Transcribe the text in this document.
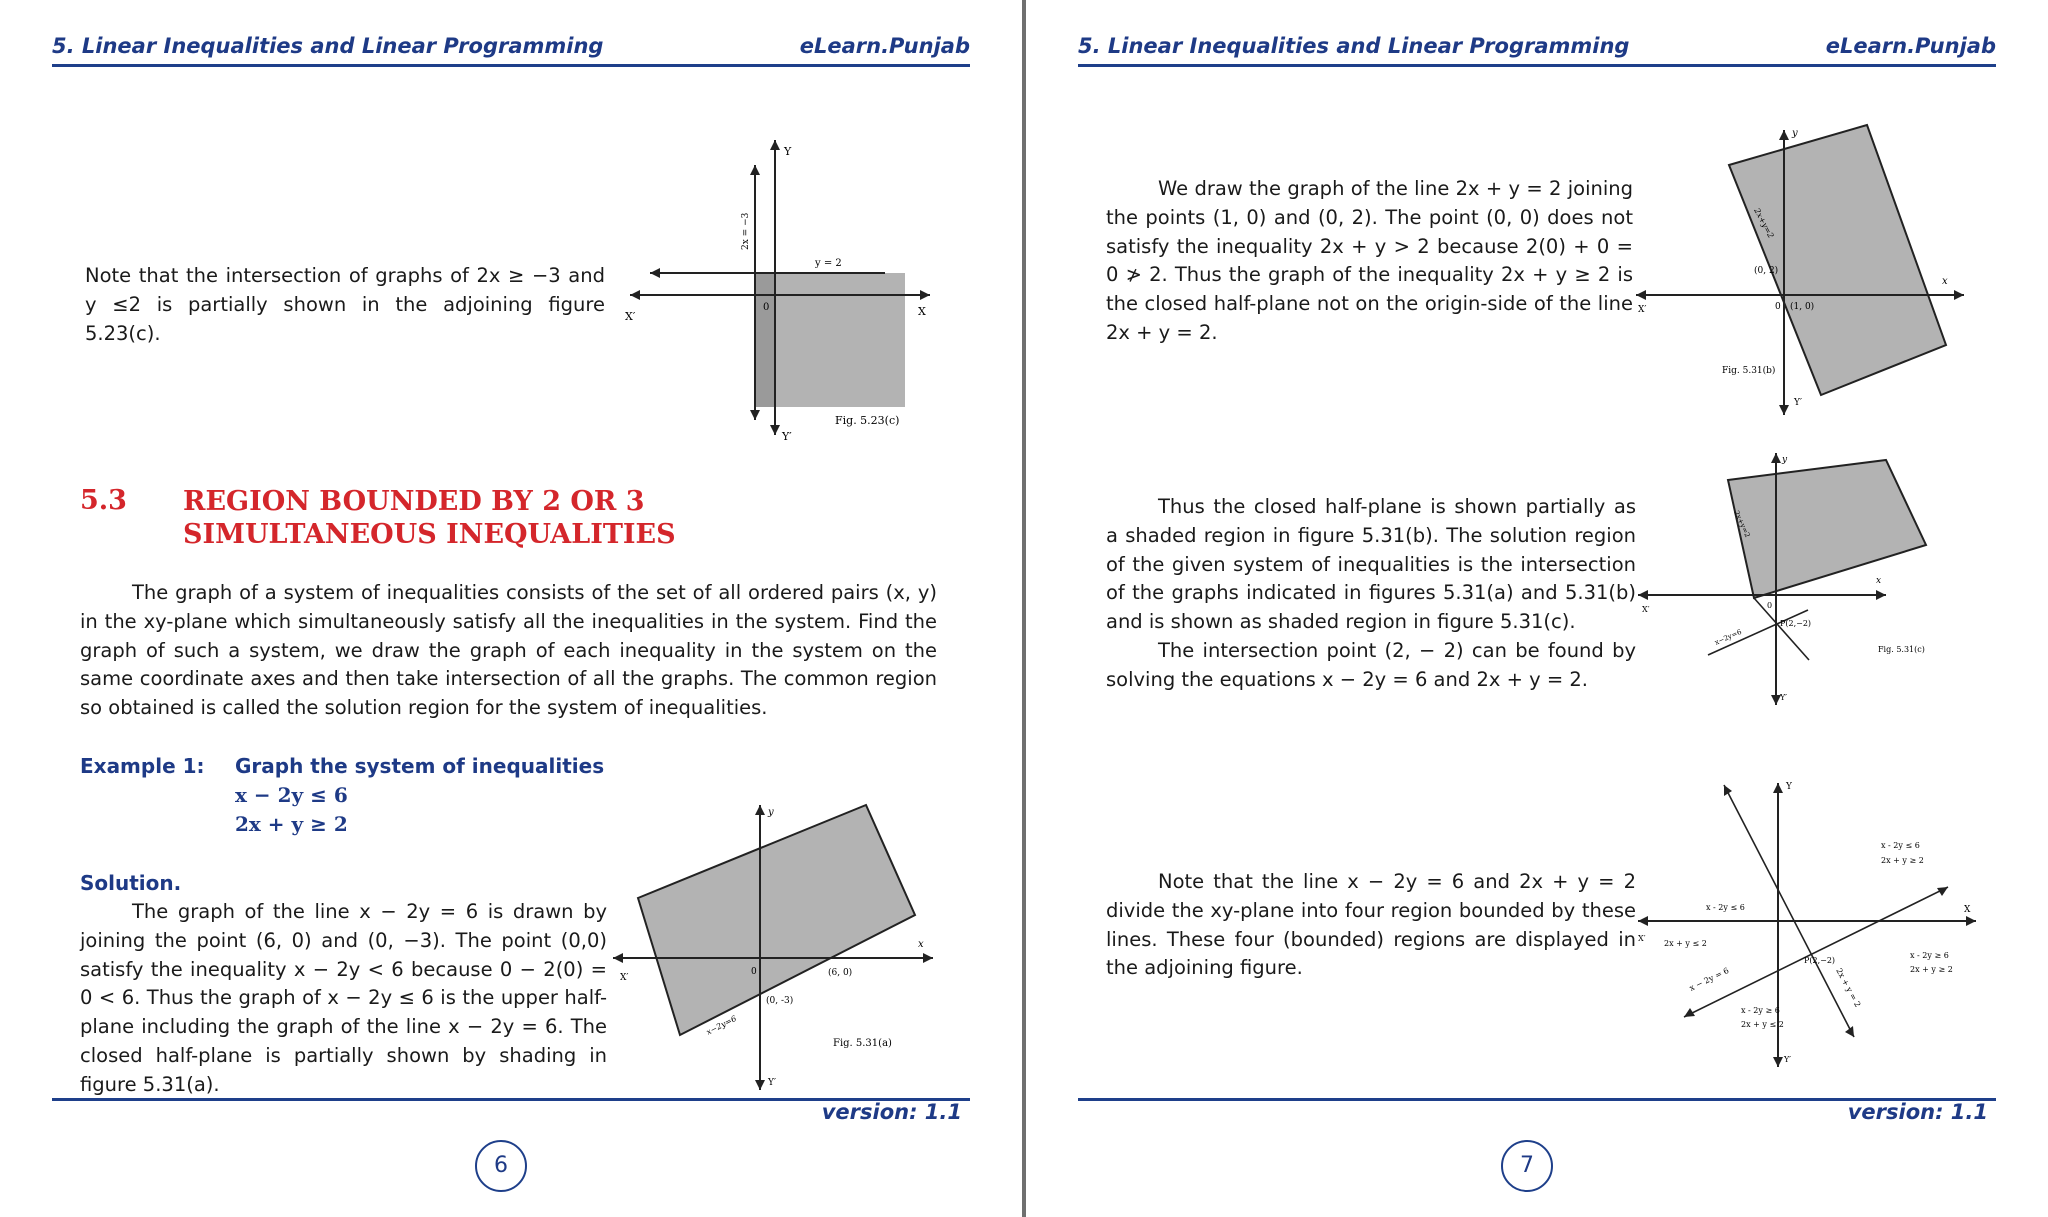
5. Linear Inequalities and Linear Programming	eLearn.Punjab
Note that the intersection of graphs of 2x ≥ −3 and y ≤2 is partially shown in the adjoining figure 5.23(c).
Y
Y′
X
X′
0
y = 2
2x = −3
Fig. 5.23(c)
5.3 REGION BOUNDED BY 2 OR 3
SIMULTANEOUS INEQUALITIES
The graph of a system of inequalities consists of the set of all ordered pairs (x, y) in the xy-plane which simultaneously satisfy all the inequalities in the system. Find the graph of such a system, we draw the graph of each inequality in the system on the same coordinate axes and then take intersection of all the graphs. The common region so obtained is called the solution region for the system of inequalities.
Example 1: Graph the system of inequalities
x − 2y ≤ 6
2x + y ≥ 2
Solution.
The graph of the line x − 2y = 6 is drawn by joining the point (6, 0) and (0, −3). The point (0,0) satisfy the inequality x − 2y < 6 because 0 − 2(0) = 0 < 6. Thus the graph of x − 2y ≤ 6 is the upper half-plane including the graph of the line x − 2y = 6. The closed half-plane is partially shown by shading in figure 5.31(a).
y
Y′
x
X′
0	(6, 0)
(0, -3)
x−2y=6
Fig. 5.31(a)
version: 1.1
6
5. Linear Inequalities and Linear Programming	eLearn.Punjab
We draw the graph of the line 2x + y = 2 joining the points (1, 0) and (0, 2). The point (0, 0) does not satisfy the inequality 2x + y > 2 because 2(0) + 0 = 0 ≯ 2. Thus the graph of the inequality 2x + y ≥ 2 is the closed half-plane not on the origin-side of the line 2x + y = 2.
y
Y′
x
X′	0
(0, 2)
(1, 0)
2x+y=2
Fig. 5.31(b)

Thus the closed half-plane is shown partially as a shaded region in figure 5.31(b). The solution region of the given system of inequalities is the intersection of the graphs indicated in figures 5.31(a) and 5.31(b) and is shown as shaded region in figure 5.31(c).

The intersection point (2, − 2) can be found by solving the equations x − 2y = 6 and 2x + y = 2.

y
Y′
x
X′	0
P(2,−2)
2x+y=2
x−2y=6
Fig. 5.31(c)
Note that the line x − 2y = 6 and 2x + y = 2 divide the xy-plane into four region bounded by these lines. These four (bounded) regions are displayed in the adjoining figure.
Y
Y′
X
X′
P(2,−2)
x − 2y = 6	2x + y = 2
x - 2y ≤ 6
2x + y ≥ 2
x - 2y ≤ 6
2x + y ≤ 2
x - 2y ≥ 6
2x + y ≥ 2
x - 2y ≥ 6
2x + y ≤ 2
version: 1.1
7
